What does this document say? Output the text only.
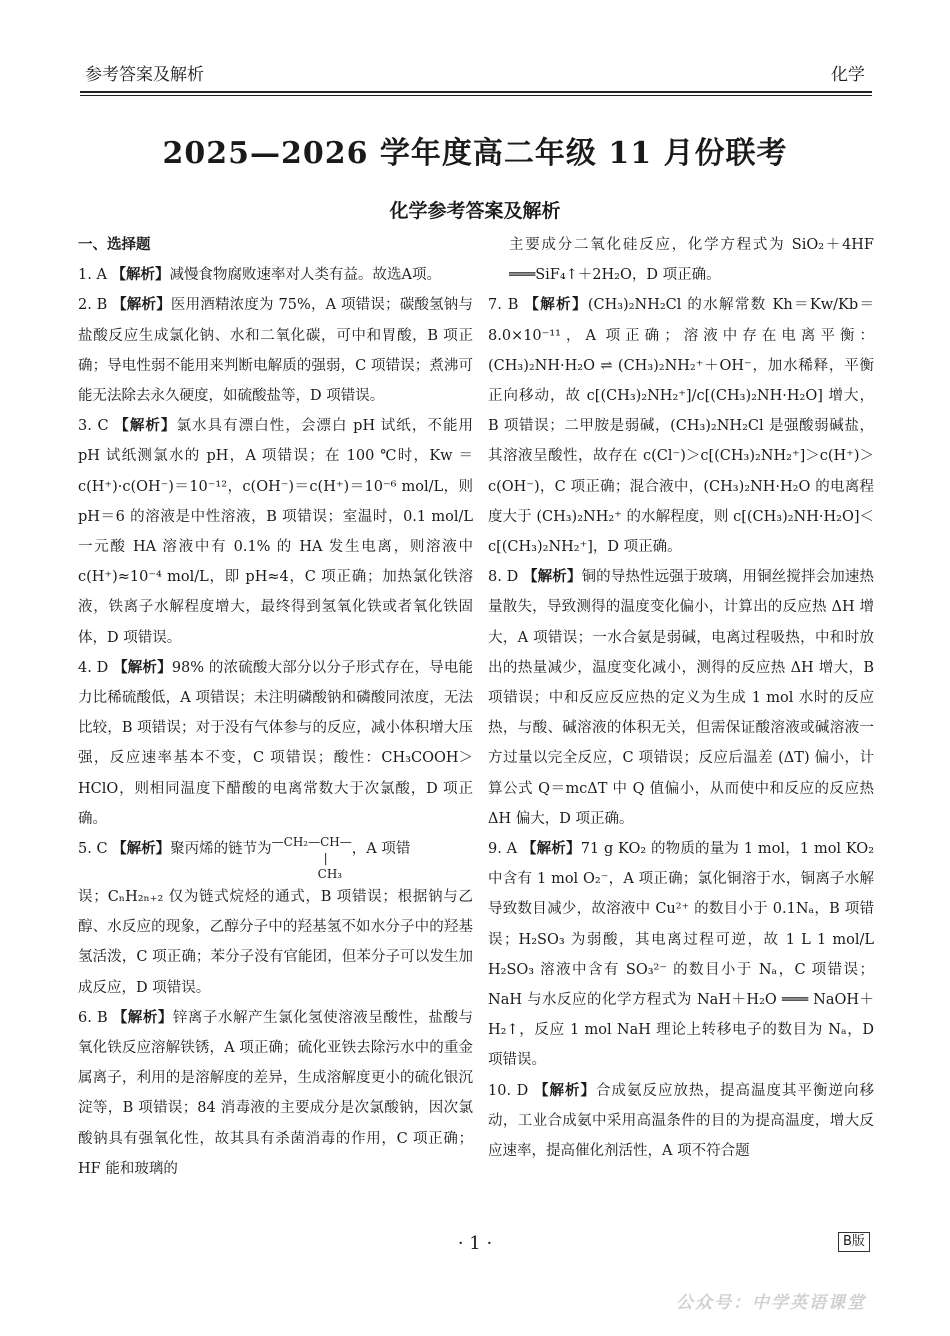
参考答案及解析	化学
2025—2026 学年度高二年级 11 月份联考
化学参考答案及解析
一、选择题

1. A 【解析】减慢食物腐败速率对人类有益。故选A项。

2. B 【解析】医用酒精浓度为 75%，A 项错误；碳酸氢钠与盐酸反应生成氯化钠、水和二氧化碳，可中和胃酸，B 项正确；导电性弱不能用来判断电解质的强弱，C 项错误；煮沸可能无法除去永久硬度，如硫酸盐等，D 项错误。

3. C 【解析】氯水具有漂白性，会漂白 pH 试纸，不能用 pH 试纸测氯水的 pH，A 项错误；在 100 ℃时，Kw ＝c(H⁺)·c(OH⁻)＝10⁻¹²，c(OH⁻)＝c(H⁺)＝10⁻⁶ mol/L，则 pH＝6 的溶液是中性溶液，B 项错误；室温时，0.1 mol/L 一元酸 HA 溶液中有 0.1% 的 HA 发生电离，则溶液中 c(H⁺)≈10⁻⁴ mol/L，即 pH≈4，C 项正确；加热氯化铁溶液，铁离子水解程度增大，最终得到氢氧化铁或者氧化铁固体，D 项错误。

4. D 【解析】98% 的浓硫酸大部分以分子形式存在，导电能力比稀硫酸低，A 项错误；未注明磷酸钠和磷酸同浓度，无法比较，B 项错误；对于没有气体参与的反应，减小体积增大压强，反应速率基本不变，C 项错误；酸性：CH₃COOH＞HClO，则相同温度下醋酸的电离常数大于次氯酸，D 项正确。

5. C 【解析】聚丙烯的链节为—CH₂—CH—
|
CH₃，A 项错
误；CₙH₂ₙ₊₂ 仅为链式烷烃的通式，B 项错误；根据钠与乙醇、水反应的现象，乙醇分子中的羟基氢不如水分子中的羟基氢活泼，C 项正确；苯分子没有官能团，但苯分子可以发生加成反应，D 项错误。

6. B 【解析】锌离子水解产生氯化氢使溶液呈酸性，盐酸与氧化铁反应溶解铁锈，A 项正确；硫化亚铁去除污水中的重金属离子，利用的是溶解度的差异，生成溶解度更小的硫化银沉淀等，B 项错误；84 消毒液的主要成分是次氯酸钠，因次氯酸钠具有强氧化性，故其具有杀菌消毒的作用，C 项正确；HF 能和玻璃的

主要成分二氧化硅反应，化学方程式为 SiO₂＋4HF ═══SiF₄↑＋2H₂O，D 项正确。

7. B 【解析】(CH₃)₂NH₂Cl 的水解常数 Kh＝Kw/Kb＝8.0×10⁻¹¹，A 项正确；溶液中存在电离平衡：(CH₃)₂NH·H₂O ⇌ (CH₃)₂NH₂⁺＋OH⁻，加水稀释，平衡正向移动，故 c[(CH₃)₂NH₂⁺]/c[(CH₃)₂NH·H₂O] 增大，B 项错误；二甲胺是弱碱，(CH₃)₂NH₂Cl 是强酸弱碱盐，其溶液呈酸性，故存在 c(Cl⁻)＞c[(CH₃)₂NH₂⁺]＞c(H⁺)＞c(OH⁻)，C 项正确；混合液中，(CH₃)₂NH·H₂O 的电离程度大于 (CH₃)₂NH₂⁺ 的水解程度，则 c[(CH₃)₂NH·H₂O]＜c[(CH₃)₂NH₂⁺]，D 项正确。

8. D 【解析】铜的导热性远强于玻璃，用铜丝搅拌会加速热量散失，导致测得的温度变化偏小，计算出的反应热 ΔH 增大，A 项错误；一水合氨是弱碱，电离过程吸热，中和时放出的热量减少，温度变化减小，测得的反应热 ΔH 增大，B 项错误；中和反应反应热的定义为生成 1 mol 水时的反应热，与酸、碱溶液的体积无关，但需保证酸溶液或碱溶液一方过量以完全反应，C 项错误；反应后温差 (ΔT) 偏小，计算公式 Q＝mcΔT 中 Q 值偏小，从而使中和反应的反应热 ΔH 偏大，D 项正确。

9. A 【解析】71 g KO₂ 的物质的量为 1 mol，1 mol KO₂ 中含有 1 mol O₂⁻，A 项正确；氯化铜溶于水，铜离子水解导致数目减少，故溶液中 Cu²⁺ 的数目小于 0.1Nₐ，B 项错误；H₂SO₃ 为弱酸，其电离过程可逆，故 1 L 1 mol/L H₂SO₃ 溶液中含有 SO₃²⁻ 的数目小于 Nₐ，C 项错误；NaH 与水反应的化学方程式为 NaH＋H₂O ═══ NaOH＋H₂↑，反应 1 mol NaH 理论上转移电子的数目为 Nₐ，D 项错误。

10. D 【解析】合成氨反应放热，提高温度其平衡逆向移动，工业合成氨中采用高温条件的目的为提高温度，增大反应速率，提高催化剂活性，A 项不符合题

· 1 ·	B版
公众号：中学英语课堂
